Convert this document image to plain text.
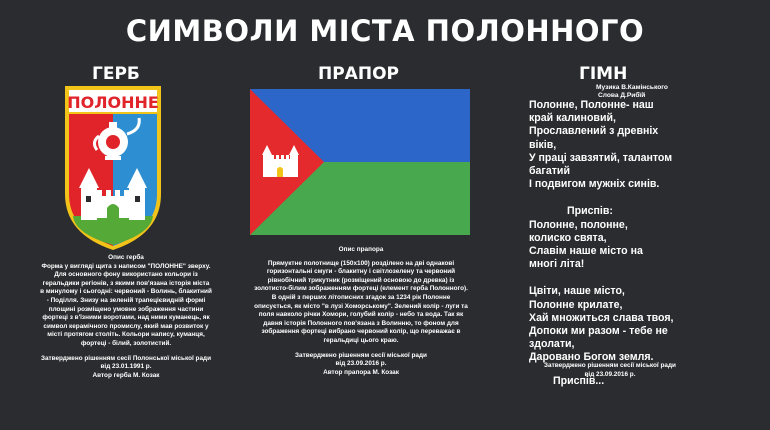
СИМВОЛИ МІСТА ПОЛОННОГО
ГЕРБ
ПОЛОННЕ

Опис герба

Форма у вигляді щита з написом "ПОЛОННЕ" зверху. Для основного фону використано кольори із геральдики регіонів, з якими пов'язана історія міста в минулому і сьогодні: червоний - Волинь, блакитний - Поділля. Знизу на зеленій трапецієвидній формі площині розміщено умовне зображення частини фортеці з в'їзними воротами, над ними куманець, як символ керамічного промислу, який мав розвиток у місті протягом століть. Кольори напису, куманця, фортеці - білий, золотистий.

Затверджено рішенням сесії Полонської міської ради від 23.01.1991 р.

Автор герба М. Козак

ПРАПОР

Опис прапора

Прямуктне полотнище (150х100) розділено на дві однакові горизонтальні смуги - блакитну і світлозелену та червоний рівнобічний трикутник (розміщений основою до древка) із золотисто-білим зображенням фортеці (елемент герба Полонного). В одній з перших літописних згадок за 1234 рік Полонне описується, як місто "в лузі Хоморському". Зелений колір - луги та поля навколо річки Хомори, голубий колір - небо та вода. Так як давня історія Полонного пов'язана з Волинню, то фоном для зображення фортеці вибрано червоний колір, що переважає в геральдиці цього краю.

Затверджено рішенням сесії міської ради

від 23.09.2016 р.

Автор прапора М. Козак

ГІМН
Музика В.Камінського
Слова Д.Рибїй

Полонне, Полонне- наш
край калиновий,
Прославлений з древніх
віків,
У праці завзятий, талантом
багатий
І подвигом мужніх синів.

Приспів:
Полонне, полонне,
колиско свята,
Славім наше місто на
многі літа!

Цвіти, наше місто,
Полонне крилате,
Хай множиться слава твоя,
Допоки ми разом - тебе не
здолати,
Даровано Богом земля.

Приспів...

Затверджено рішенням сесії міської ради

від 23.09.2016 р.
